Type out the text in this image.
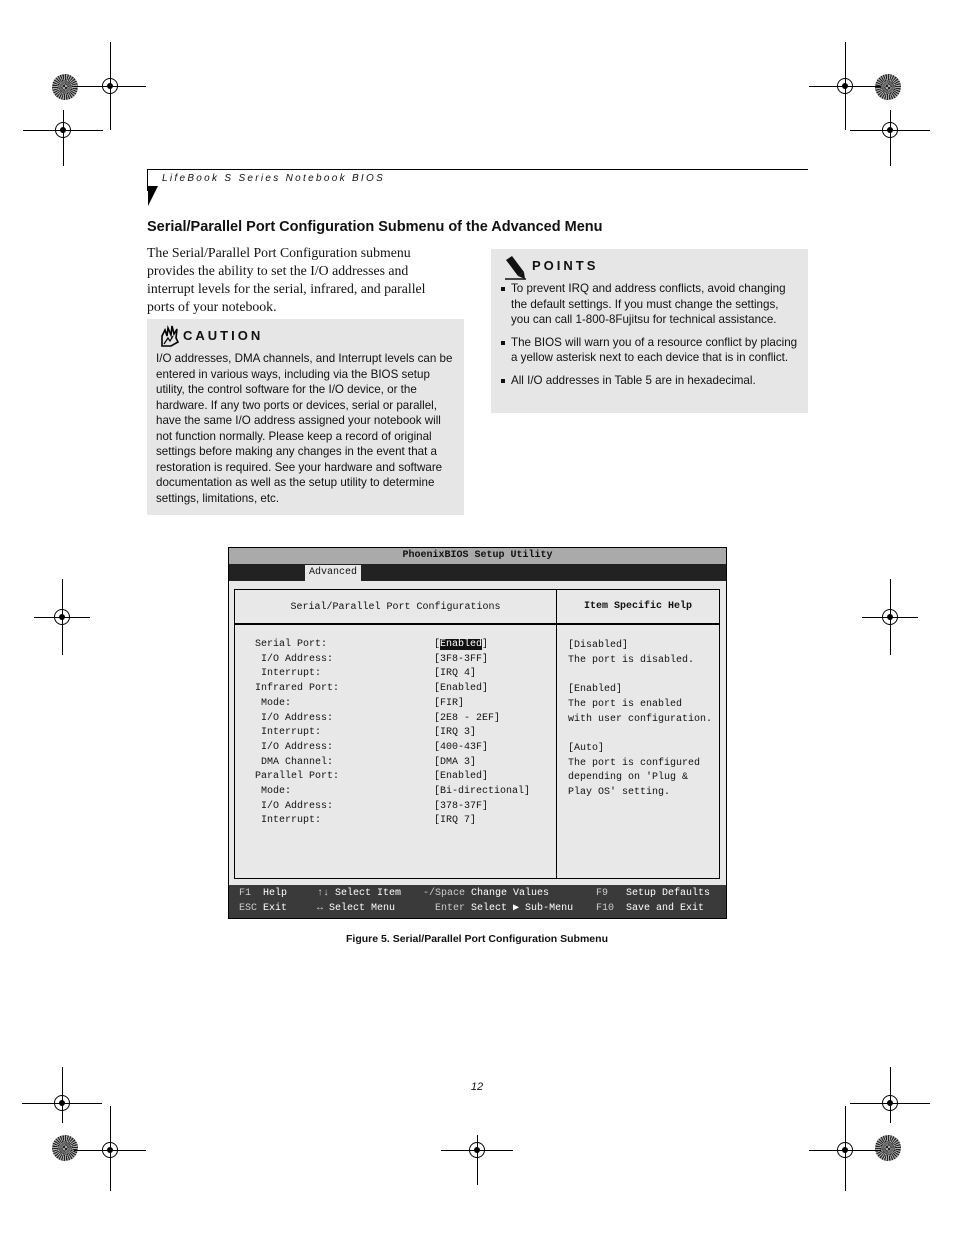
LifeBook S Series Notebook BIOS
Serial/Parallel Port Configuration Submenu of the Advanced Menu
The Serial/Parallel Port Configuration submenu provides the ability to set the I/O addresses and interrupt levels for the serial, infrared, and parallel ports of your notebook.
CAUTION
I/O addresses, DMA channels, and Interrupt levels can be entered in various ways, including via the BIOS setup utility, the control software for the I/O device, or the hardware. If any two ports or devices, serial or parallel, have the same I/O address assigned your notebook will not function normally. Please keep a record of original settings before making any changes in the event that a restoration is required. See your hardware and software documentation as well as the setup utility to determine settings, limitations, etc.
POINTS
To prevent IRQ and address conflicts, avoid changing the default settings. If you must change the settings, you can call 1-800-8Fujitsu for technical assistance.
The BIOS will warn you of a resource conflict by placing a yellow asterisk next to each device that is in conflict.
All I/O addresses in Table 5 are in hexadecimal.
PhoenixBIOS Setup Utility
Advanced
Serial/Parallel Port Configurations
Serial Port:	[Enabled]
I/O Address:	[3F8-3FF]
Interrupt:	[IRQ 4]
Infrared Port:	[Enabled]
Mode:	[FIR]
I/O Address:	[2E8 - 2EF]
Interrupt:	[IRQ 3]
I/O Address:	[400-43F]
DMA Channel:	[DMA 3]
Parallel Port:	[Enabled]
Mode:	[Bi-directional]
I/O Address:	[378-37F]
Interrupt:	[IRQ 7]
Item Specific Help
[Disabled]
The port is disabled.
[Enabled]
The port is enabled
with user configuration.
[Auto]
The port is configured
depending on 'Plug &
Play OS' setting.
F1 Help	↑↓ Select Item -/Space Change Values	F9 Setup Defaults
ESC Exit	↔ Select Menu	Enter Select ▶ Sub-Menu F10 Save and Exit
Figure 5. Serial/Parallel Port Configuration Submenu
12
